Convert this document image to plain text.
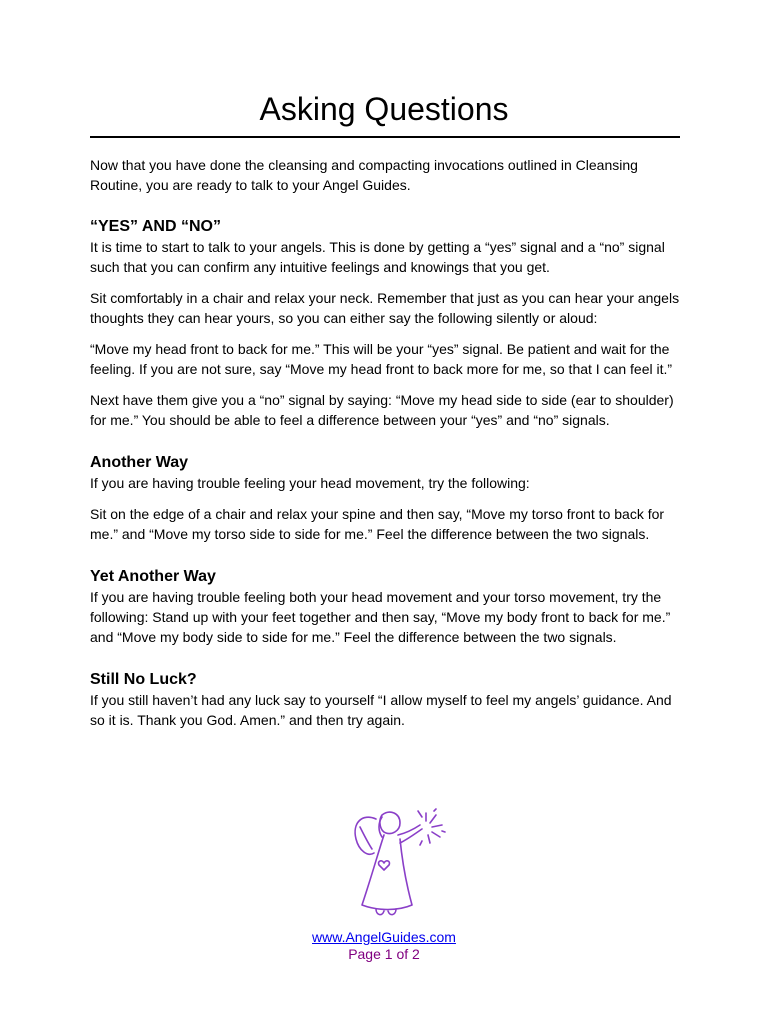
Asking Questions

Now that you have done the cleansing and compacting invocations outlined in Cleansing Routine, you are ready to talk to your Angel Guides.

“YES” AND “NO”

It is time to start to talk to your angels. This is done by getting a “yes” signal and a “no” signal such that you can confirm any intuitive feelings and knowings that you get.

Sit comfortably in a chair and relax your neck. Remember that just as you can hear your angels thoughts they can hear yours, so you can either say the following silently or aloud:

“Move my head front to back for me.” This will be your “yes” signal. Be patient and wait for the feeling. If you are not sure, say “Move my head front to back more for me, so that I can feel it.”

Next have them give you a “no” signal by saying: “Move my head side to side (ear to shoulder) for me.” You should be able to feel a difference between your “yes” and “no” signals.

Another Way

If you are having trouble feeling your head movement, try the following:

Sit on the edge of a chair and relax your spine and then say, “Move my torso front to back for me.” and “Move my torso side to side for me.” Feel the difference between the two signals.

Yet Another Way

If you are having trouble feeling both your head movement and your torso movement, try the following: Stand up with your feet together and then say, “Move my body front to back for me.” and “Move my body side to side for me.” Feel the difference between the two signals.

Still No Luck?

If you still haven’t had any luck say to yourself “I allow myself to feel my angels’ guidance. And so it is. Thank you God. Amen.” and then try again.

www.AngelGuides.com
Page 1 of 2
